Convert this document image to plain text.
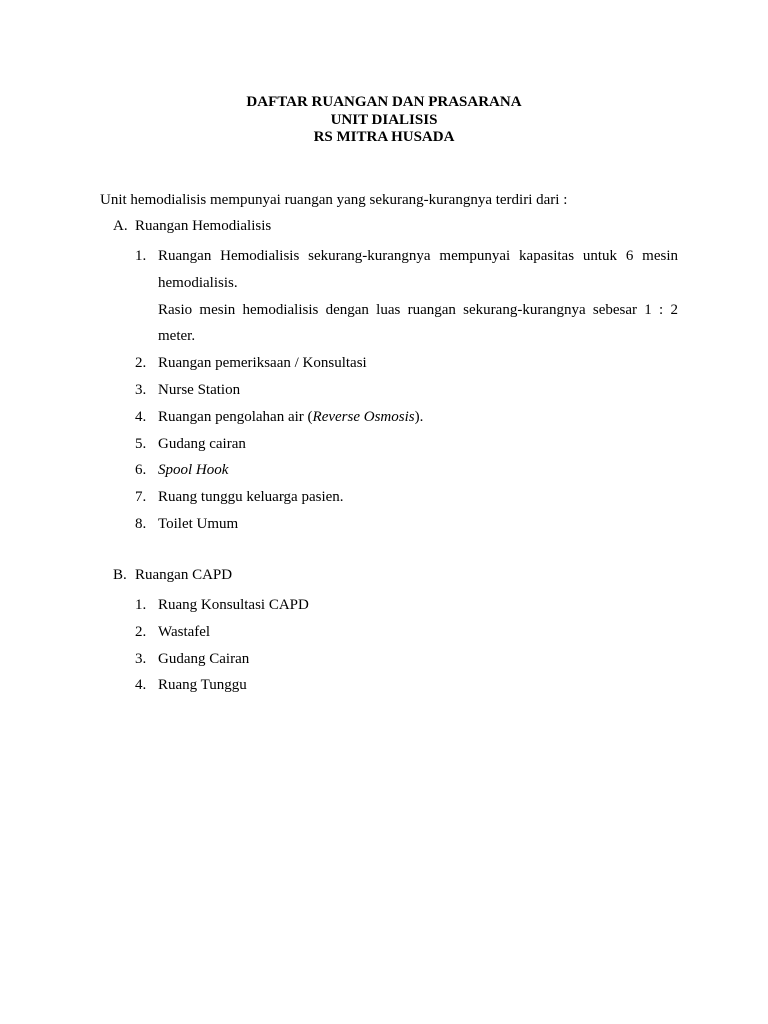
DAFTAR RUANGAN DAN PRASARANA
UNIT DIALISIS
RS MITRA HUSADA
Unit hemodialisis mempunyai ruangan yang sekurang-kurangnya terdiri dari :
A. Ruangan Hemodialisis
1. Ruangan Hemodialisis sekurang-kurangnya mempunyai kapasitas untuk 6 mesin hemodialisis.
Rasio mesin hemodialisis dengan luas ruangan sekurang-kurangnya sebesar 1 : 2 meter.
2. Ruangan pemeriksaan / Konsultasi
3. Nurse Station
4. Ruangan pengolahan air (Reverse Osmosis).
5. Gudang cairan
6. Spool Hook
7. Ruang tunggu keluarga pasien.
8. Toilet Umum
B. Ruangan CAPD
1. Ruang Konsultasi CAPD
2. Wastafel
3. Gudang Cairan
4. Ruang Tunggu
